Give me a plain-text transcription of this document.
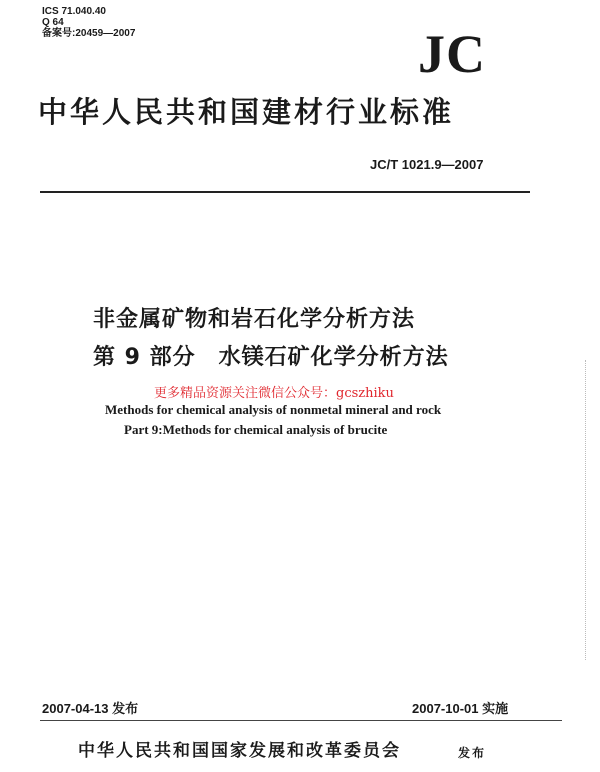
ICS 71.040.40
Q 64
备案号:20459—2007	JC
中华人民共和国建材行业标准
JC/T 1021.9—2007
非金属矿物和岩石化学分析方法
第 9 部分　水镁石矿化学分析方法
更多精品资源关注微信公众号：gcszhiku
Methods for chemical analysis of nonmetal mineral and rock
Part 9:Methods for chemical analysis of brucite
2007-04-13 发布	2007-10-01 实施
中华人民共和国国家发展和改革委员会	发布
